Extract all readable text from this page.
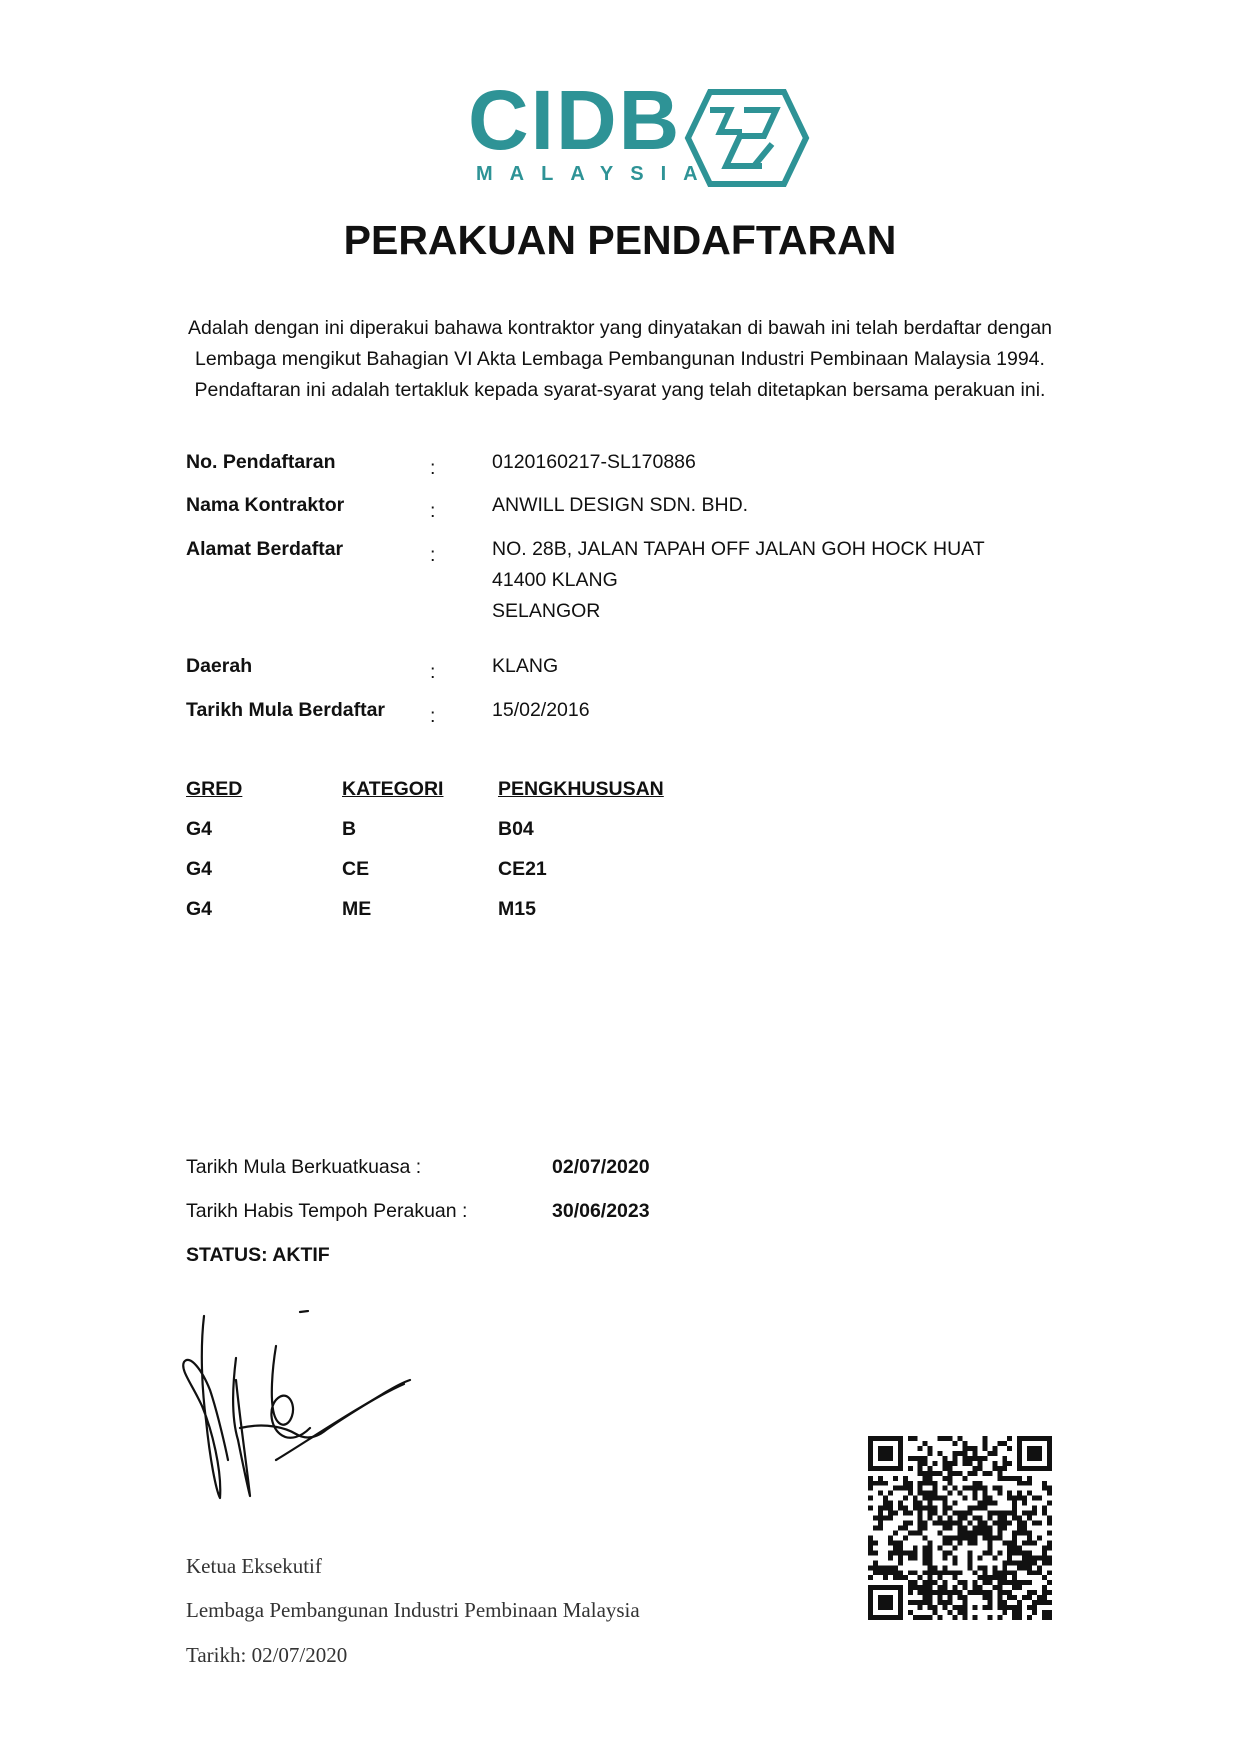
CIDB
MALAYSIA
PERAKUAN PENDAFTARAN
Adalah dengan ini diperakui bahawa kontraktor yang dinyatakan di bawah ini telah berdaftar dengan
Lembaga mengikut Bahagian VI Akta Lembaga Pembangunan Industri Pembinaan Malaysia 1994.
Pendaftaran ini adalah tertakluk kepada syarat-syarat yang telah ditetapkan bersama perakuan ini.
No. Pendaftaran	:	0120160217-SL170886
Nama Kontraktor	:	ANWILL DESIGN SDN. BHD.
Alamat Berdaftar	:	NO. 28B, JALAN TAPAH OFF JALAN GOH HOCK HUAT
41400 KLANG
SELANGOR
Daerah	:	KLANG
Tarikh Mula Berdaftar :	15/02/2016
GRED	KATEGORI	PENGKHUSUSAN
G4	B	B04
G4	CE	CE21
G4	ME	M15
Tarikh Mula Berkuatkuasa :	02/07/2020
Tarikh Habis Tempoh Perakuan :	30/06/2023
STATUS: AKTIF
Ketua Eksekutif
Lembaga Pembangunan Industri Pembinaan Malaysia
Tarikh: 02/07/2020
